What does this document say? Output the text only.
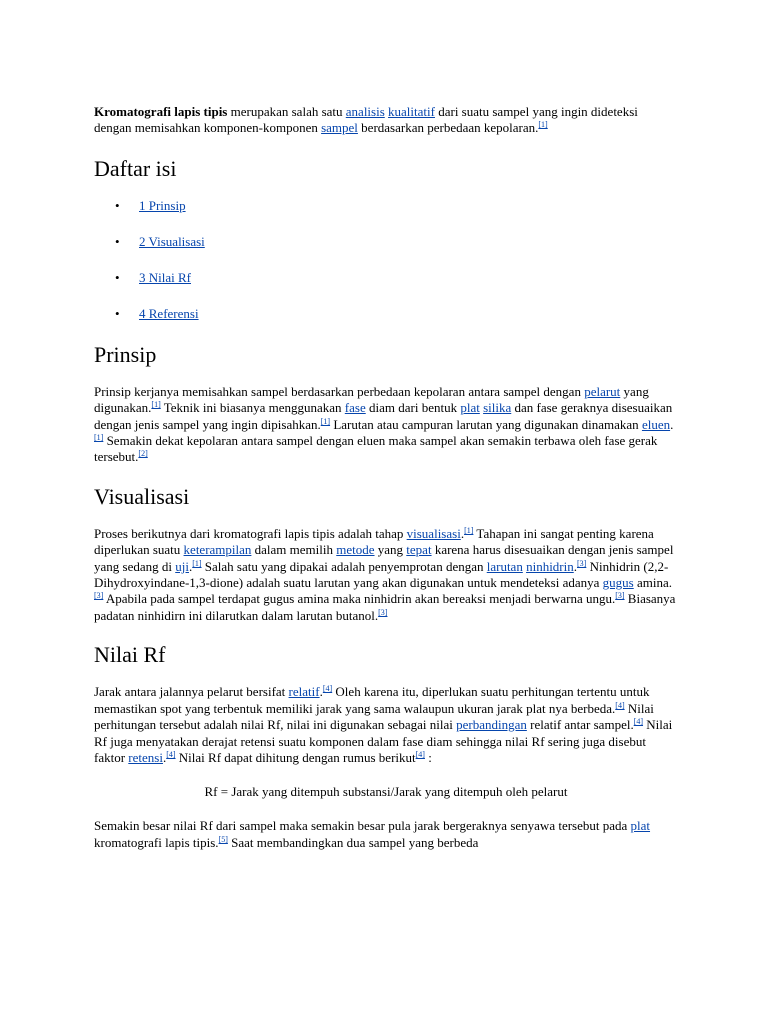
Kromatografi lapis tipis merupakan salah satu analisis kualitatif dari suatu sampel yang ingin dideteksi dengan memisahkan komponen-komponen sampel berdasarkan perbedaan kepolaran.[1]

Daftar isi
• 1 Prinsip
• 2 Visualisasi
• 3 Nilai Rf
• 4 Referensi
Prinsip

Prinsip kerjanya memisahkan sampel berdasarkan perbedaan kepolaran antara sampel dengan pelarut yang digunakan.[1] Teknik ini biasanya menggunakan fase diam dari bentuk plat silika dan fase geraknya disesuaikan dengan jenis sampel yang ingin dipisahkan.[1] Larutan atau campuran larutan yang digunakan dinamakan eluen.[1] Semakin dekat kepolaran antara sampel dengan eluen maka sampel akan semakin terbawa oleh fase gerak tersebut.[2]

Visualisasi

Proses berikutnya dari kromatografi lapis tipis adalah tahap visualisasi.[1] Tahapan ini sangat penting karena diperlukan suatu keterampilan dalam memilih metode yang tepat karena harus disesuaikan dengan jenis sampel yang sedang di uji.[1] Salah satu yang dipakai adalah penyemprotan dengan larutan ninhidrin.[3] Ninhidrin (2,2-Dihydroxyindane-1,3-dione) adalah suatu larutan yang akan digunakan untuk mendeteksi adanya gugus amina.[3] Apabila pada sampel terdapat gugus amina maka ninhidrin akan bereaksi menjadi berwarna ungu.[3] Biasanya padatan ninhidirn ini dilarutkan dalam larutan butanol.[3]

Nilai Rf

Jarak antara jalannya pelarut bersifat relatif.[4] Oleh karena itu, diperlukan suatu perhitungan tertentu untuk memastikan spot yang terbentuk memiliki jarak yang sama walaupun ukuran jarak plat nya berbeda.[4] Nilai perhitungan tersebut adalah nilai Rf, nilai ini digunakan sebagai nilai perbandingan relatif antar sampel.[4] Nilai Rf juga menyatakan derajat retensi suatu komponen dalam fase diam sehingga nilai Rf sering juga disebut faktor retensi.[4] Nilai Rf dapat dihitung dengan rumus berikut[4] :

Rf = Jarak yang ditempuh substansi/Jarak yang ditempuh oleh pelarut

Semakin besar nilai Rf dari sampel maka semakin besar pula jarak bergeraknya senyawa tersebut pada plat kromatografi lapis tipis.[5] Saat membandingkan dua sampel yang berbeda
